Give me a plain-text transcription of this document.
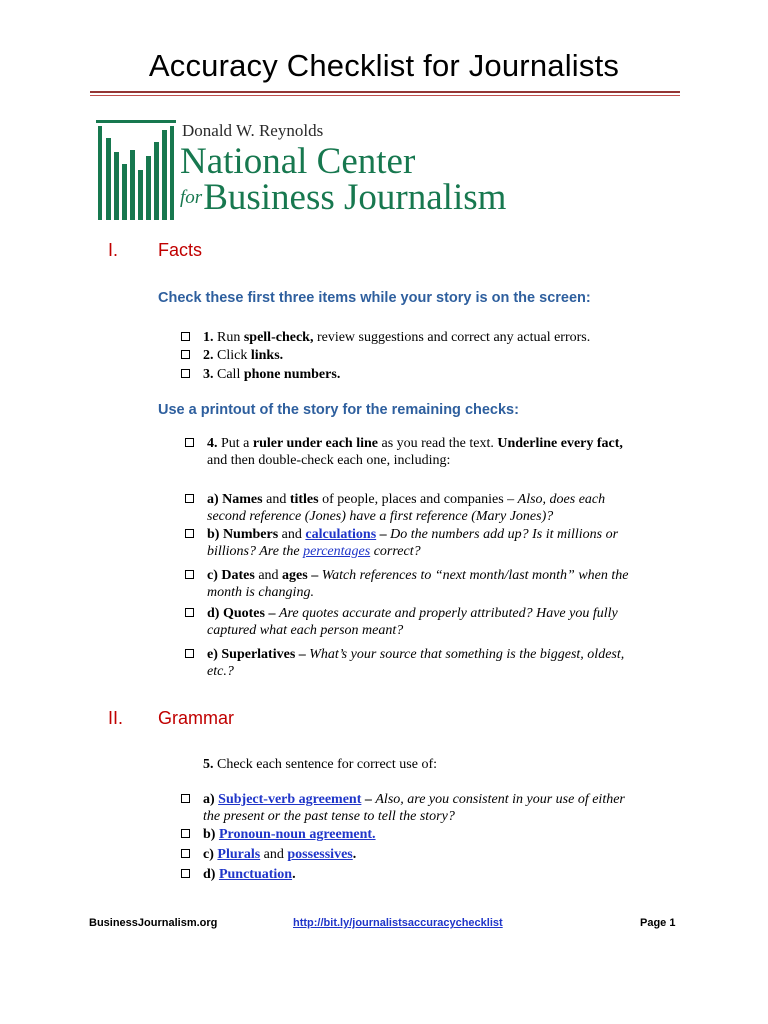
Accuracy Checklist for Journalists
Donald W. Reynolds
National Center
forBusiness Journalism
I. Facts
Check these first three items while your story is on the screen:
1. Run spell-check, review suggestions and correct any actual errors.
2. Click links.
3. Call phone numbers.
Use a printout of the story for the remaining checks:
4. Put a ruler under each line as you read the text. Underline every fact,
and then double-check each one, including:
a) Names and titles of people, places and companies – Also, does each
second reference (Jones) have a first reference (Mary Jones)?
b) Numbers and calculations – Do the numbers add up? Is it millions or
billions? Are the percentages correct?
c) Dates and ages – Watch references to “next month/last month” when the
month is changing.
d) Quotes – Are quotes accurate and properly attributed? Have you fully
captured what each person meant?
e) Superlatives – What’s your source that something is the biggest, oldest,
etc.?
II. Grammar
5. Check each sentence for correct use of:
a) Subject-verb agreement – Also, are you consistent in your use of either
the present or the past tense to tell the story?
b) Pronoun-noun agreement.
c) Plurals and possessives.
d) Punctuation.
BusinessJournalism.org	http://bit.ly/journalistsaccuracychecklist	Page 1
